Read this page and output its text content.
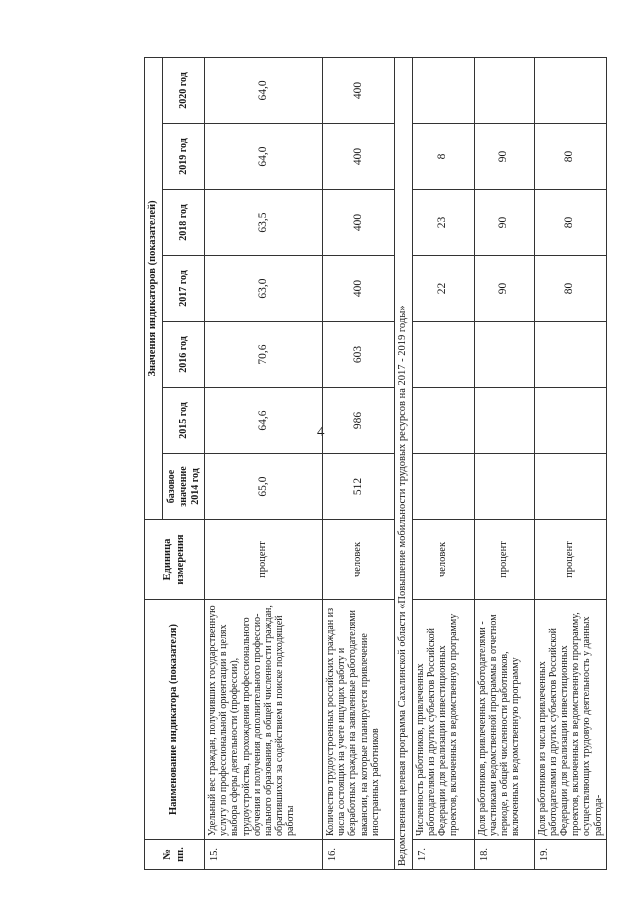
4
№ пп.	Наименование индикатора (показателя)	Единица измерения	Значения индикаторов (показателей)						
			базовое значение 2014 год	2015 год	2016 год	2017 год	2018 год	2019 год	2020 год
15.	Удельный вес граждан, получивших государственную услугу по профессиональной ориентации в целях выбора сферы деятельности (профессии), трудоустройства, прохождения профессионального обучения и получения дополнительного профессионального образования, в общей численности граждан, обратившихся за содействием в поиске подходящей работы	процент	65,0	64,6	70,6	63,0	63,5	64,0	64,0
16.	Количество трудоустроенных российских граждан из числа состоящих на учете ищущих работу и безработных граждан на заявленные работодателями вакансии, на которые планируется привлечение иностранных работников	человек	512	986	603	400	400	400	400
Ведомственная целевая программа Сахалинской области «Повышение мобильности трудовых ресурсов на 2017 - 2019 годы»									
17.	Численность работников, привлеченных работодателями из других субъектов Российской Федерации для реализации инвестиционных проектов, включенных в ведомственную программу	человек				22	23	8	
18.	Доля работников, привлеченных работодателями - участниками ведомственной программы в отчетном периоде, в общей численности работников, включенных в ведомственную программу	процент				90	90	90	
19.	Доля работников из числа привлеченных работодателями из других субъектов Российской Федерации для реализации инвестиционных проектов, включенных в ведомственную программу, осуществляющих трудовую деятельность у данных работода-	процент				80	80	80	
